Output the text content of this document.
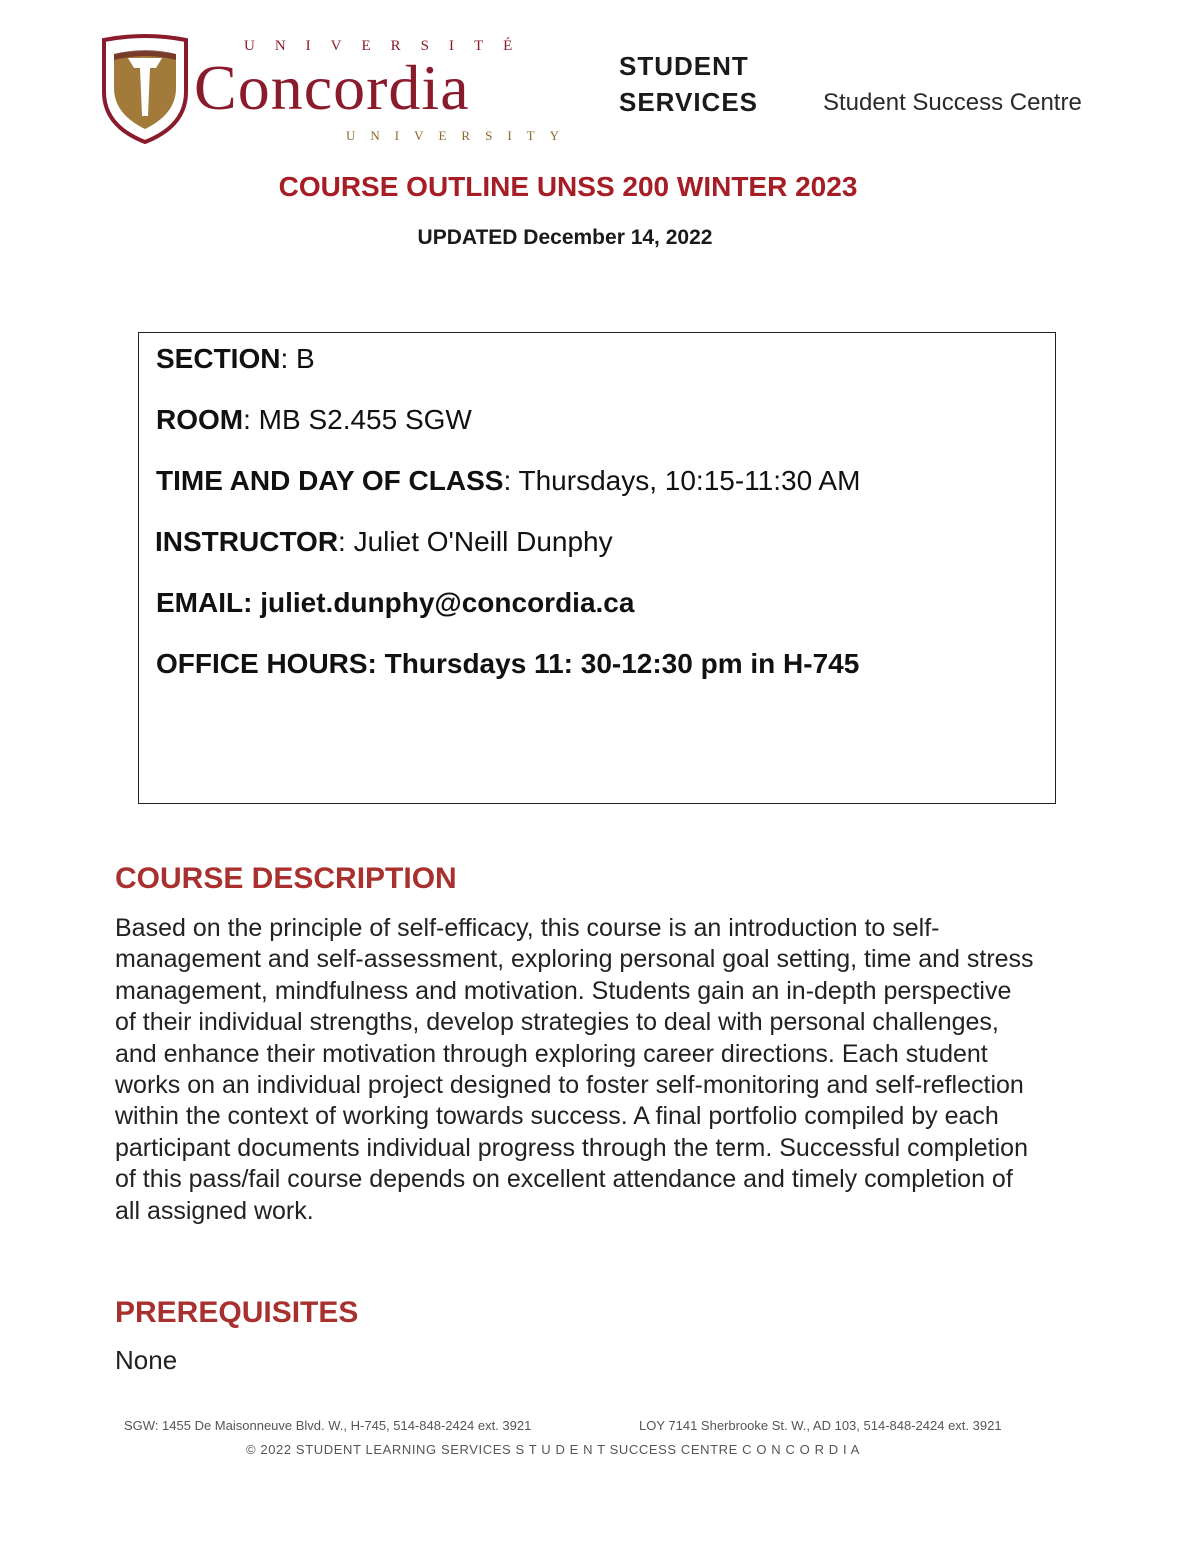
UNIVERSITÉ
Concordia
UNIVERSITY
STUDENT
SERVICES	Student Success Centre
COURSE OUTLINE UNSS 200 WINTER 2023
UPDATED December 14, 2022
SECTION: B
ROOM: MB S2.455 SGW
TIME AND DAY OF CLASS: Thursdays, 10:15-11:30 AM
INSTRUCTOR: Juliet O'Neill Dunphy
EMAIL: juliet.dunphy@concordia.ca
OFFICE HOURS: Thursdays 11: 30-12:30 pm in H-745
COURSE DESCRIPTION
Based on the principle of self-efficacy, this course is an introduction to self-management and self-assessment, exploring personal goal setting, time and stress management, mindfulness and motivation. Students gain an in-depth perspective of their individual strengths, develop strategies to deal with personal challenges, and enhance their motivation through exploring career directions. Each student works on an individual project designed to foster self-monitoring and self-reflection within the context of working towards success. A final portfolio compiled by each participant documents individual progress through the term. Successful completion of this pass/fail course depends on excellent attendance and timely completion of all assigned work.
PREREQUISITES
None
SGW: 1455 De Maisonneuve Blvd. W., H-745, 514-848-2424 ext. 3921	LOY 7141 Sherbrooke St. W., AD 103, 514-848-2424 ext. 3921
© 2022 STUDENT LEARNING SERVICES S T U D E N T SUCCESS CENTRE C O N C O R D I A
